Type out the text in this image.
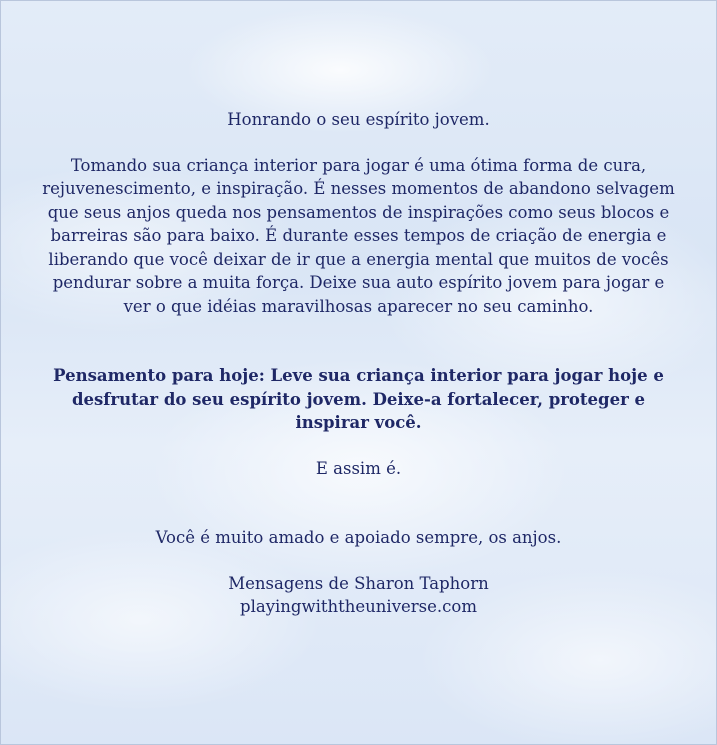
Honrando o seu espírito jovem.

Tomando sua criança interior para jogar é uma ótima forma de cura, rejuvenescimento, e inspiração. É nesses momentos de abandono selvagem que seus anjos queda nos pensamentos de inspirações como seus blocos e barreiras são para baixo. É durante esses tempos de criação de energia e liberando que você deixar de ir que a energia mental que muitos de vocês pendurar sobre a muita força. Deixe sua auto espírito jovem para jogar e ver o que idéias maravilhosas aparecer no seu caminho.

Pensamento para hoje: Leve sua criança interior para jogar hoje e desfrutar do seu espírito jovem. Deixe-a fortalecer, proteger e inspirar você.

E assim é.

Você é muito amado e apoiado sempre, os anjos.

Mensagens de Sharon Taphorn

playingwiththeuniverse.com
